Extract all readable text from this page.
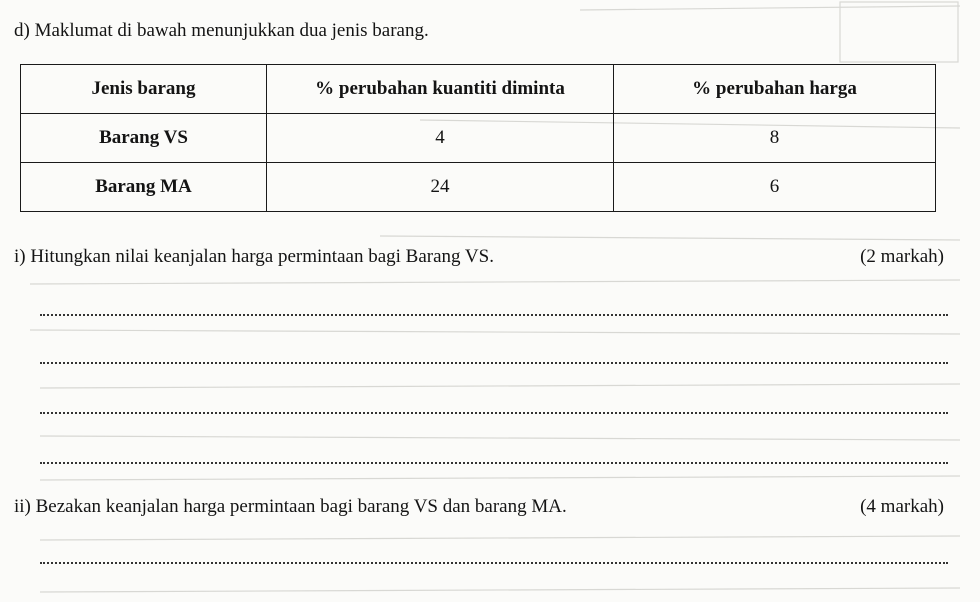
d) Maklumat di bawah menunjukkan dua jenis barang.
Jenis barang	% perubahan kuantiti diminta	% perubahan harga
Barang VS	4	8
Barang MA	24	6
i) Hitungkan nilai keanjalan harga permintaan bagi Barang VS.	(2 markah)
ii) Bezakan keanjalan harga permintaan bagi barang VS dan barang MA.	(4 markah)
